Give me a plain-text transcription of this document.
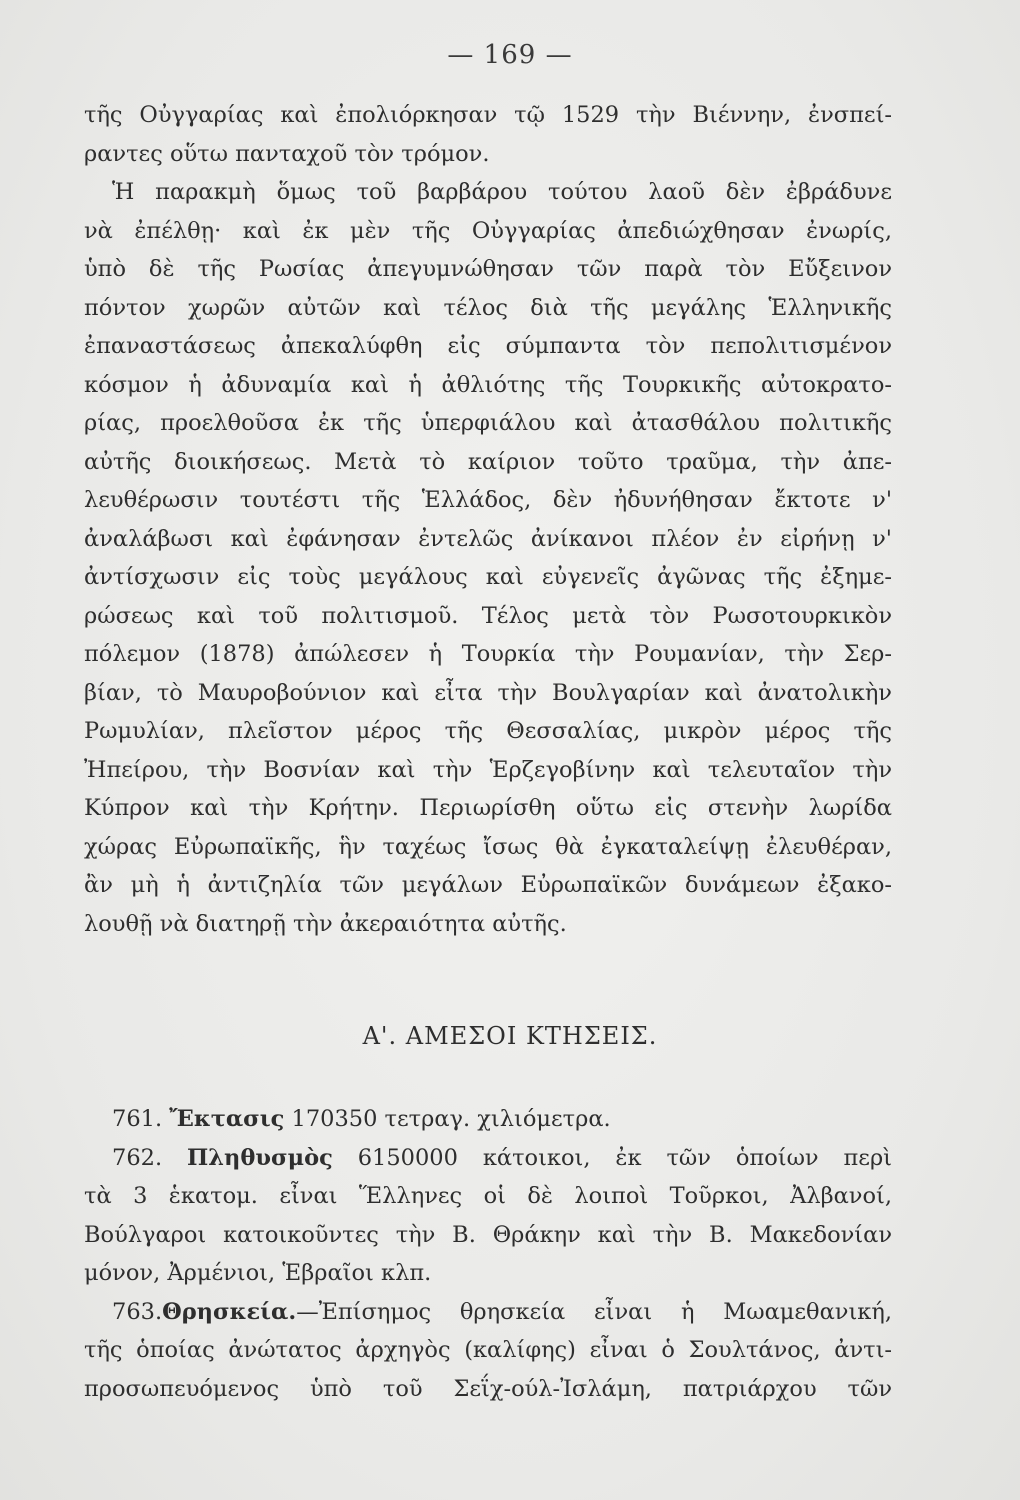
— 169 —
τῆς Οὐγγαρίας καὶ ἐπολιόρκησαν τῷ 1529 τὴν Βιέννην, ἐνσπεί-
ραντες οὕτω πανταχοῦ τὸν τρόμον.
Ἡ παρακμὴ ὅμως τοῦ βαρβάρου τούτου λαοῦ δὲν ἐβράδυνε
νὰ ἐπέλθῃ· καὶ ἐκ μὲν τῆς Οὐγγαρίας ἀπεδιώχθησαν ἐνωρίς,
ὑπὸ δὲ τῆς Ρωσίας ἀπεγυμνώθησαν τῶν παρὰ τὸν Εὔξεινον
πόντον χωρῶν αὐτῶν καὶ τέλος διὰ τῆς μεγάλης Ἑλληνικῆς
ἐπαναστάσεως ἀπεκαλύφθη εἰς σύμπαντα τὸν πεπολιτισμένον
κόσμον ἡ ἀδυναμία καὶ ἡ ἀθλιότης τῆς Τουρκικῆς αὐτοκρατο-
ρίας, προελθοῦσα ἐκ τῆς ὑπερφιάλου καὶ ἀτασθάλου πολιτικῆς
αὐτῆς διοικήσεως. Μετὰ τὸ καίριον τοῦτο τραῦμα, τὴν ἀπε-
λευθέρωσιν τουτέστι τῆς Ἑλλάδος, δὲν ἠδυνήθησαν ἔκτοτε ν'
ἀναλάβωσι καὶ ἐφάνησαν ἐντελῶς ἀνίκανοι πλέον ἐν εἰρήνῃ ν'
ἀντίσχωσιν εἰς τοὺς μεγάλους καὶ εὐγενεῖς ἀγῶνας τῆς ἐξημε-
ρώσεως καὶ τοῦ πολιτισμοῦ. Τέλος μετὰ τὸν Ρωσοτουρκικὸν
πόλεμον (1878) ἀπώλεσεν ἡ Τουρκία τὴν Ρουμανίαν, τὴν Σερ-
βίαν, τὸ Μαυροβούνιον καὶ εἶτα τὴν Βουλγαρίαν καὶ ἀνατολικὴν
Ρωμυλίαν, πλεῖστον μέρος τῆς Θεσσαλίας, μικρὸν μέρος τῆς
Ἠπείρου, τὴν Βοσνίαν καὶ τὴν Ἑρζεγοβίνην καὶ τελευταῖον τὴν
Κύπρον καὶ τὴν Κρήτην. Περιωρίσθη οὕτω εἰς στενὴν λωρίδα
χώρας Εὐρωπαϊκῆς, ἣν ταχέως ἴσως θὰ ἐγκαταλείψῃ ἐλευθέραν,
ἂν μὴ ἡ ἀντιζηλία τῶν μεγάλων Εὐρωπαϊκῶν δυνάμεων ἐξακο-
λουθῇ νὰ διατηρῇ τὴν ἀκεραιότητα αὐτῆς.
Α'. ΑΜΕΣΟΙ ΚΤΗΣΕΙΣ.
761. Ἔκτασις 170350 τετραγ. χιλιόμετρα.
762. Πληθυσμὸς 6150000 κάτοικοι, ἐκ τῶν ὁποίων περὶ
τὰ 3 ἑκατομ. εἶναι Ἕλληνες οἱ δὲ λοιποὶ Τοῦρκοι, Ἀλβανοί,
Βούλγαροι κατοικοῦντες τὴν Β. Θράκην καὶ τὴν Β. Μακεδονίαν
μόνον, Ἀρμένιοι, Ἑβραῖοι κλπ.
763.Θρησκεία.—Ἐπίσημος θρησκεία εἶναι ἡ Μωαμεθανική,
τῆς ὁποίας ἀνώτατος ἀρχηγὸς (καλίφης) εἶναι ὁ Σουλτάνος, ἀντι-
προσωπευόμενος ὑπὸ τοῦ Σεΐχ-ούλ-Ἰσλάμη, πατριάρχου τῶν
